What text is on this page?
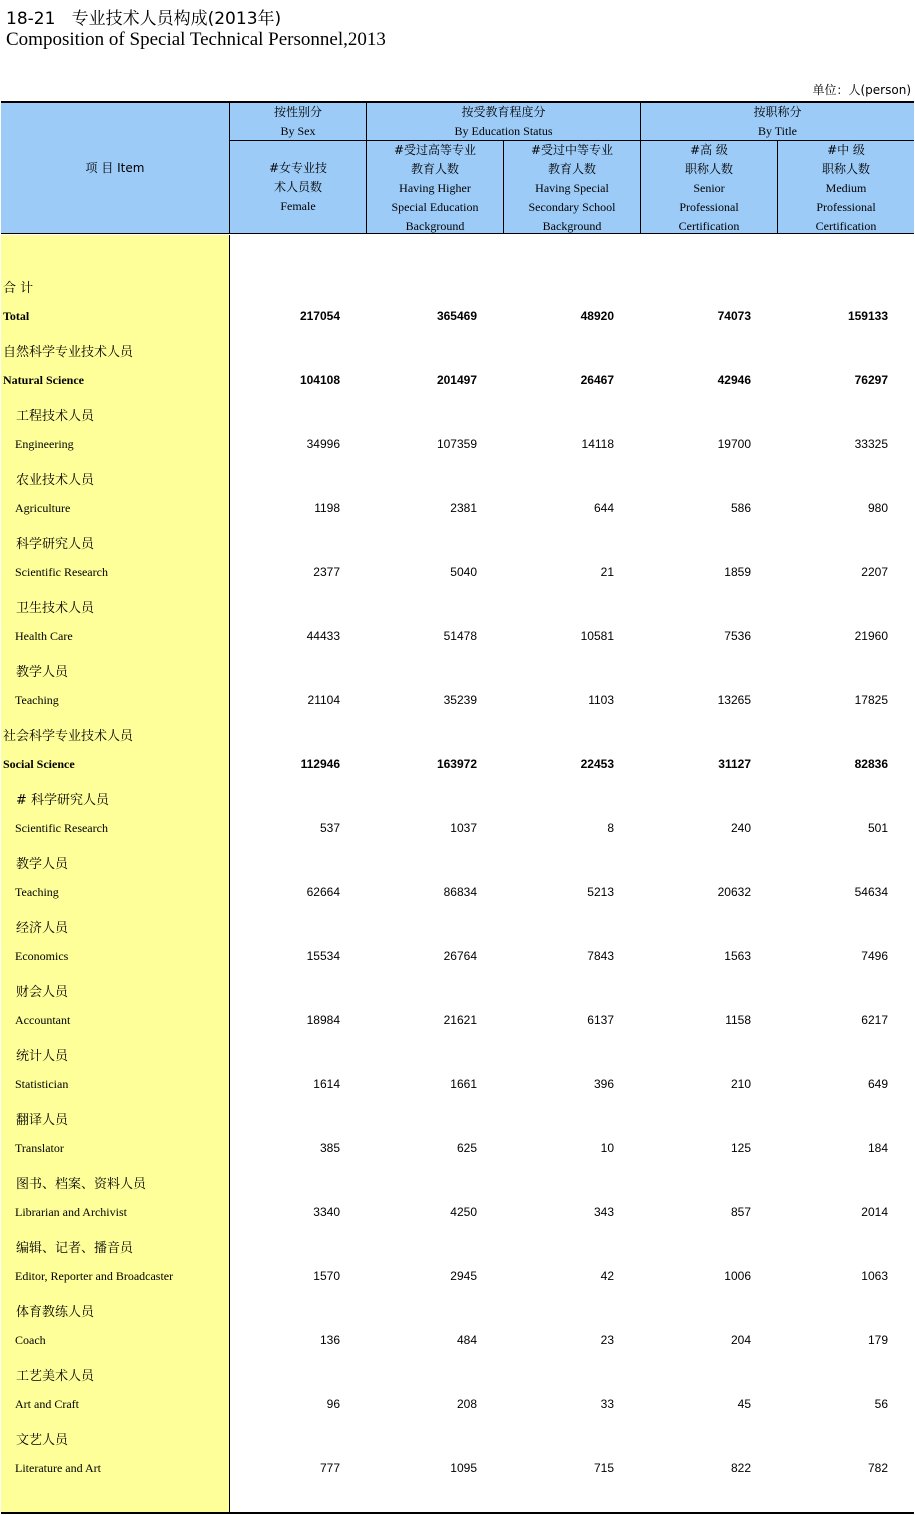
18-21   专业技术人员构成(2013年)
Composition of Special Technical Personnel,2013
单位：人(person)
项 目 Item
按性别分
By Sex
按受教育程度分
By Education Status
按职称分
By Title
#女专业技
术人员数
Female
#受过高等专业
教育人数
Having Higher
Special Education
Background
#受过中等专业
教育人数
Having Special
Secondary School
Background
#高 级
职称人数
Senior
Professional
Certification
#中 级
职称人数
Medium
Professional
Certification
合 计
Total	217054	365469	48920	74073	159133
自然科学专业技术人员
Natural Science	104108	201497	26467	42946	76297
工程技术人员
Engineering	34996	107359	14118	19700	33325
农业技术人员
Agriculture	1198	2381	644	586	980
科学研究人员
Scientific Research	2377	5040	21	1859	2207
卫生技术人员
Health Care	44433	51478	10581	7536	21960
教学人员
Teaching	21104	35239	1103	13265	17825
社会科学专业技术人员
Social Science	112946	163972	22453	31127	82836
# 科学研究人员
Scientific Research	537	1037	8	240	501
教学人员
Teaching	62664	86834	5213	20632	54634
经济人员
Economics	15534	26764	7843	1563	7496
财会人员
Accountant	18984	21621	6137	1158	6217
统计人员
Statistician	1614	1661	396	210	649
翻译人员
Translator	385	625	10	125	184
图书、档案、资料人员
Librarian and Archivist	3340	4250	343	857	2014
编辑、记者、播音员
Editor, Reporter and Broadcaster	1570	2945	42	1006	1063
体育教练人员
Coach	136	484	23	204	179
工艺美术人员
Art and Craft	96	208	33	45	56
文艺人员
Literature and Art	777	1095	715	822	782
